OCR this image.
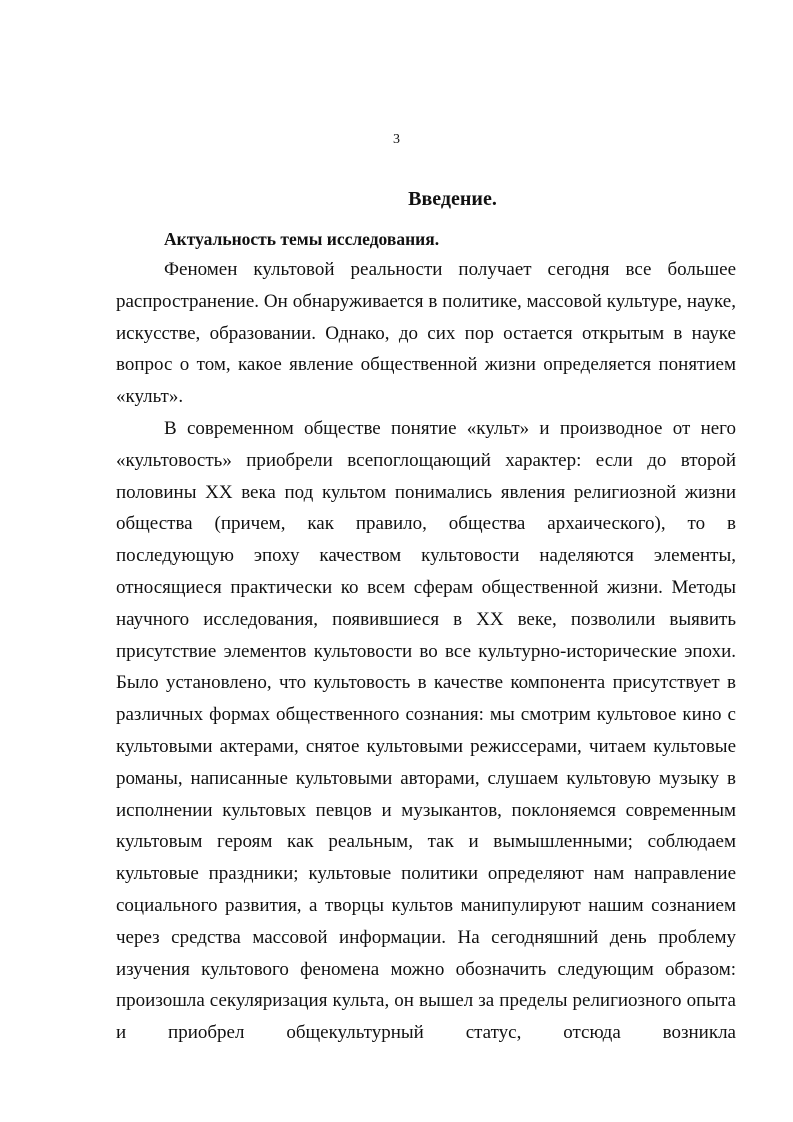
3
Введение.
Актуальность темы исследования.

Феномен культовой реальности получает сегодня все большее распространение. Он обнаруживается в политике, массовой культуре, науке, искусстве, образовании. Однако, до сих пор остается открытым в науке вопрос о том, какое явление общественной жизни определяется понятием «культ».

В современном обществе понятие «культ» и производное от него «культовость» приобрели всепоглощающий характер: если до второй половины XX века под культом понимались явления религиозной жизни общества (причем, как правило, общества архаического), то в последующую эпоху качеством культовости наделяются элементы, относящиеся практически ко всем сферам общественной жизни. Методы научного исследования, появившиеся в XX веке, позволили выявить присутствие элементов культовости во все культурно-исторические эпохи. Было установлено, что культовость в качестве компонента присутствует в различных формах общественного сознания: мы смотрим культовое кино с культовыми актерами, снятое культовыми режиссерами, читаем культовые романы, написанные культовыми авторами, слушаем культовую музыку в исполнении культовых певцов и музыкантов, поклоняемся современным культовым героям как реальным, так и вымышленными; соблюдаем культовые праздники; культовые политики определяют нам направление социального развития, а творцы культов манипулируют нашим сознанием через средства массовой информации. На сегодняшний день проблему изучения культового феномена можно обозначить следующим образом: произошла секуляризация культа, он вышел за пределы религиозного опыта и приобрел общекультурный статус, отсюда возникла
